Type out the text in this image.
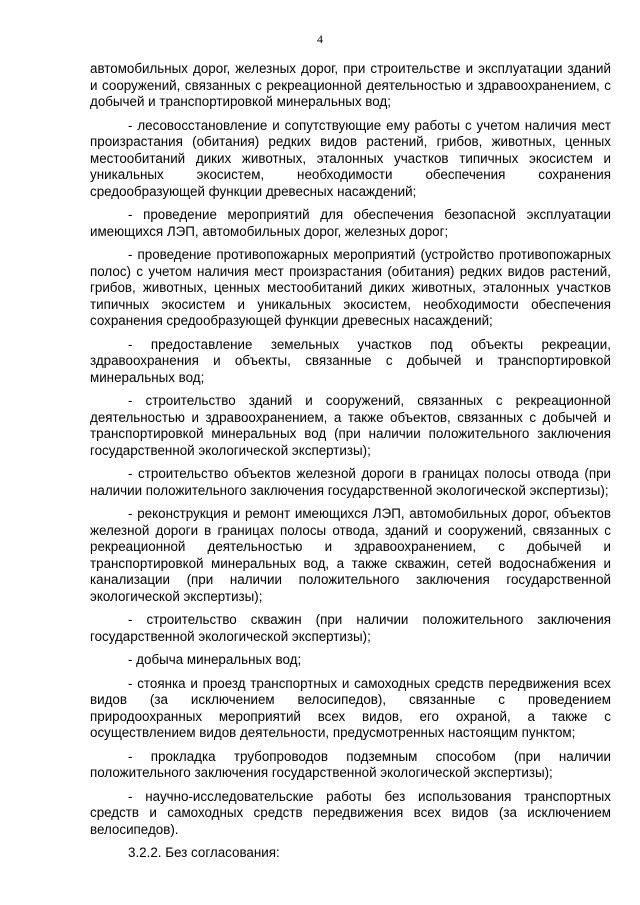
4

автомобильных дорог, железных дорог, при строительстве и эксплуатации зданий и сооружений, связанных с рекреационной деятельностью и здравоохранением, с добычей и транспортировкой минеральных вод;

- лесовосстановление и сопутствующие ему работы с учетом наличия мест произрастания (обитания) редких видов растений, грибов, животных, ценных местообитаний диких животных, эталонных участков типичных экосистем и уникальных экосистем, необходимости обеспечения сохранения средообразующей функции древесных насаждений;

- проведение мероприятий для обеспечения безопасной эксплуатации имеющихся ЛЭП, автомобильных дорог, железных дорог;

- проведение противопожарных мероприятий (устройство противопожарных полос) с учетом наличия мест произрастания (обитания) редких видов растений, грибов, животных, ценных местообитаний диких животных, эталонных участков типичных экосистем и уникальных экосистем, необходимости обеспечения сохранения средообразующей функции древесных насаждений;

- предоставление земельных участков под объекты рекреации, здравоохранения и объекты, связанные с добычей и транспортировкой минеральных вод;

- строительство зданий и сооружений, связанных с рекреационной деятельностью и здравоохранением, а также объектов, связанных с добычей и транспортировкой минеральных вод (при наличии положительного заключения государственной экологической экспертизы);

- строительство объектов железной дороги в границах полосы отвода (при наличии положительного заключения государственной экологической экспертизы);

- реконструкция и ремонт имеющихся ЛЭП, автомобильных дорог, объектов железной дороги в границах полосы отвода, зданий и сооружений, связанных с рекреационной деятельностью и здравоохранением, с добычей и транспортировкой минеральных вод, а также скважин, сетей водоснабжения и канализации (при наличии положительного заключения государственной экологической экспертизы);

- строительство скважин (при наличии положительного заключения государственной экологической экспертизы);

- добыча минеральных вод;

- стоянка и проезд транспортных и самоходных средств передвижения всех видов (за исключением велосипедов), связанные с проведением природоохранных мероприятий всех видов, его охраной, а также с осуществлением видов деятельности, предусмотренных настоящим пунктом;

- прокладка трубопроводов подземным способом (при наличии положительного заключения государственной экологической экспертизы);

- научно-исследовательские работы без использования транспортных средств и самоходных средств передвижения всех видов (за исключением велосипедов).

3.2.2. Без согласования:
